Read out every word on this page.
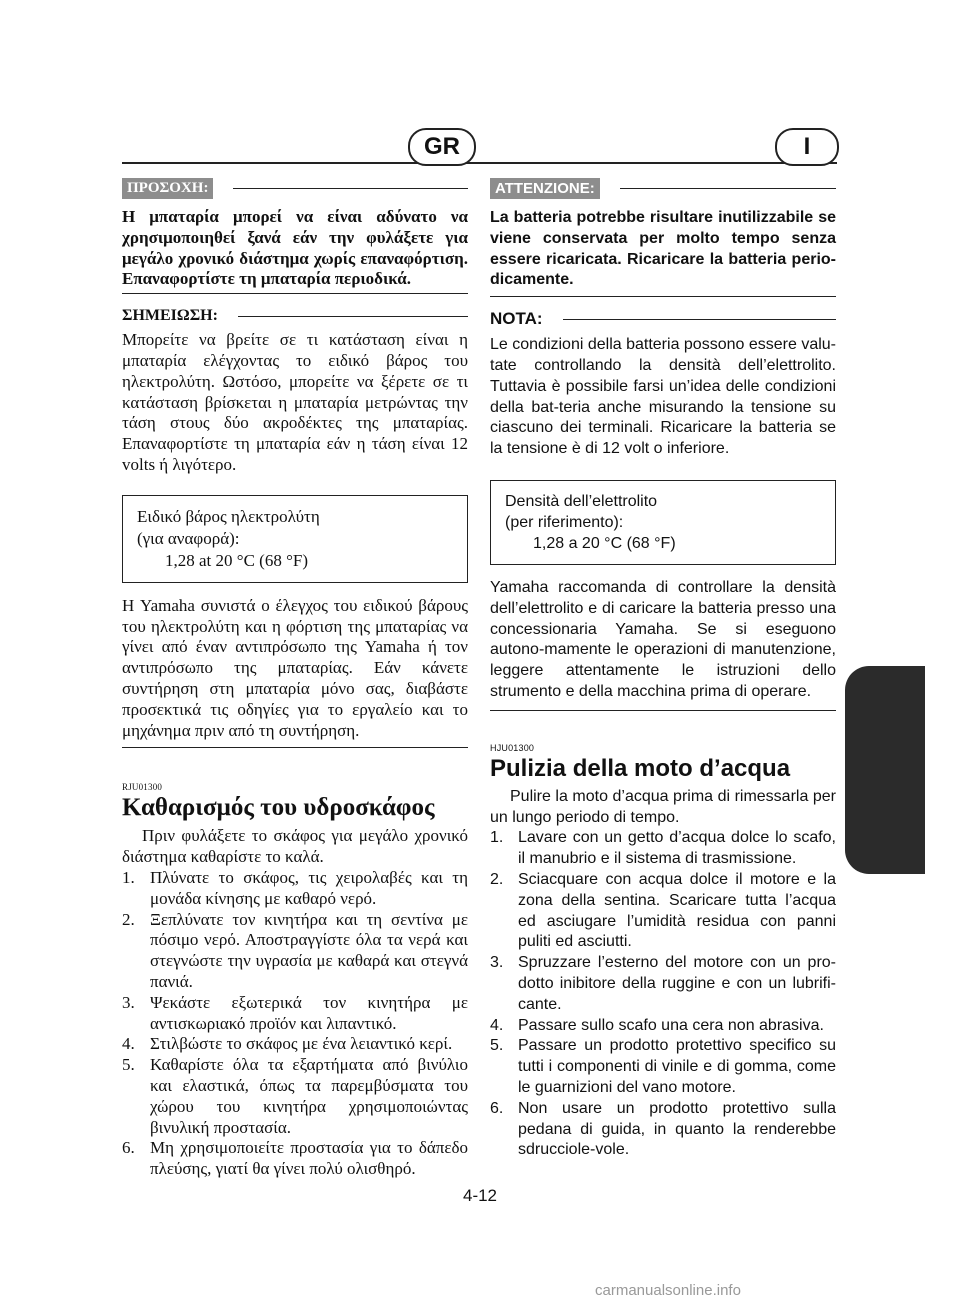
GR	I
ΠΡΟΣΟΧΗ:

Η μπαταρία μπορεί να είναι αδύνατο να χρησιμοποιηθεί ξανά εάν την φυλάξετε για μεγάλο χρονικό διάστημα χωρίς επαναφόρτιση. Επαναφορτίστε τη μπαταρία περιοδικά.

ΣΗΜΕΙΩΣΗ:

Μπορείτε να βρείτε σε τι κατάσταση είναι η μπαταρία ελέγχοντας το ειδικό βάρος του ηλεκτρολύτη. Ωστόσο, μπορείτε να ξέρετε σε τι κατάσταση βρίσκεται η μπαταρία μετρώντας την τάση στους δύο ακροδέκτες της μπαταρίας. Επαναφορτίστε τη μπαταρία εάν η τάση είναι 12 volts ή λιγότερο.

Ειδικό βάρος ηλεκτρολύτη
(για αναφορά):
1,28 at 20 °C (68 °F)

Η Yamaha συνιστά ο έλεγχος του ειδικού βάρους του ηλεκτρολύτη και η φόρτιση της μπαταρίας να γίνει από έναν αντιπρόσωπο της Yamaha ή τον αντιπρόσωπο της μπαταρίας. Εάν κάνετε συντήρηση στη μπαταρία μόνο σας, διαβάστε προσεκτικά τις οδηγίες για το εργαλείο και το μηχάνημα πριν από τη συντήρηση.

RJU01300
Καθαρισμός του υδροσκάφος

Πριν φυλάξετε το σκάφος για μεγάλο χρονικό διάστημα καθαρίστε το καλά.

1. Πλύνατε το σκάφος, τις χειρολαβές και τη μονάδα κίνησης με καθαρό νερό.
2. Ξεπλύνατε τον κινητήρα και τη σεντίνα με πόσιμο νερό. Αποστραγγίστε όλα τα νερά και στεγνώστε την υγρασία με καθαρά και στεγνά πανιά.
3. Ψεκάστε εξωτερικά τον κινητήρα με αντισκωριακό προϊόν και λιπαντικό.
4. Στιλβώστε το σκάφος με ένα λειαντικό κερί.
5. Καθαρίστε όλα τα εξαρτήματα από βινύλιο και ελαστικά, όπως τα παρεμβύσματα του χώρου του κινητήρα χρησιμοποιώντας βινυλική προστασία.
6. Μη χρησιμοποιείτε προστασία για το δάπεδο πλεύσης, γιατί θα γίνει πολύ ολισθηρό.
ATTENZIONE:

La batteria potrebbe risultare inutilizzabile se viene conservata per molto tempo senza essere ricaricata. Ricaricare la batteria perio-dicamente.

NOTA:

Le condizioni della batteria possono essere valu-tate controllando la densità dell’elettrolito. Tuttavia è possibile farsi un’idea delle condizioni della bat-teria anche misurando la tensione su ciascuno dei terminali. Ricaricare la batteria se la tensione è di 12 volt o inferiore.

Densità dell’elettrolito
(per riferimento):
1,28 a 20 °C (68 °F)

Yamaha raccomanda di controllare la densità dell’elettrolito e di caricare la batteria presso una concessionaria Yamaha. Se si eseguono autono-mamente le operazioni di manutenzione, leggere attentamente le istruzioni dello strumento e della macchina prima di operare.

HJU01300
Pulizia della moto d’acqua

Pulire la moto d’acqua prima di rimessarla per un lungo periodo di tempo.

1. Lavare con un getto d’acqua dolce lo scafo, il manubrio e il sistema di trasmissione.
2. Sciacquare con acqua dolce il motore e la zona della sentina. Scaricare tutta l’acqua ed asciugare l’umidità residua con panni puliti ed asciutti.
3. Spruzzare l’esterno del motore con un pro-dotto inibitore della ruggine e con un lubrifi-cante.
4. Passare sullo scafo una cera non abrasiva.
5. Passare un prodotto protettivo specifico su tutti i componenti di vinile e di gomma, come le guarnizioni del vano motore.
6. Non usare un prodotto protettivo sulla pedana di guida, in quanto la renderebbe sdrucciole-vole.
4-12
carmanualsonline.info
